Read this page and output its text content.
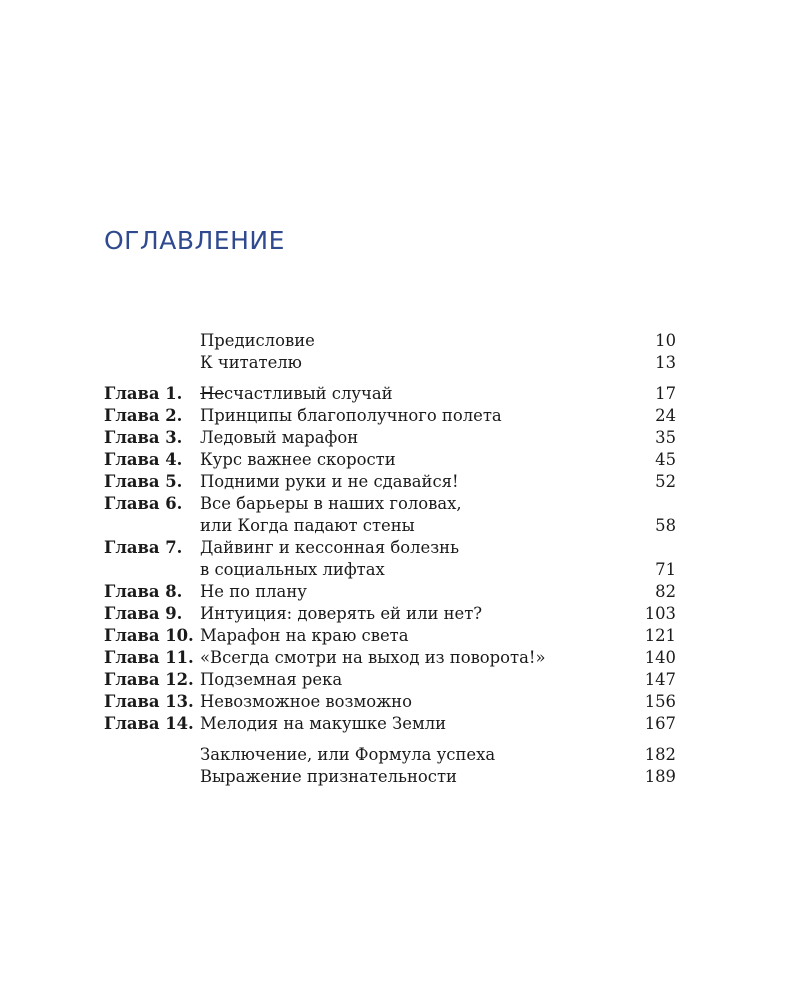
ОГЛАВЛЕНИЕ
Предисловие	10
К читателю	13
Глава 1.	Несчастливый случай	17
Глава 2.	Принципы благополучного полета	24
Глава 3.	Ледовый марафон	35
Глава 4.	Курс важнее скорости	45
Глава 5.	Подними руки и не сдавайся!	52
Глава 6.	Все барьеры в наших головах,
или Когда падают стены	58
Глава 7.	Дайвинг и кессонная болезнь
в социальных лифтах	71
Глава 8.	Не по плану	82
Глава 9.	Интуиция: доверять ей или нет?	103
Глава 10. Марафон на краю света	121
Глава 11. «Всегда смотри на выход из поворота!»	140
Глава 12. Подземная река	147
Глава 13. Невозможное возможно	156
Глава 14. Мелодия на макушке Земли	167
Заключение, или Формула успеха	182
Выражение признательности	189
